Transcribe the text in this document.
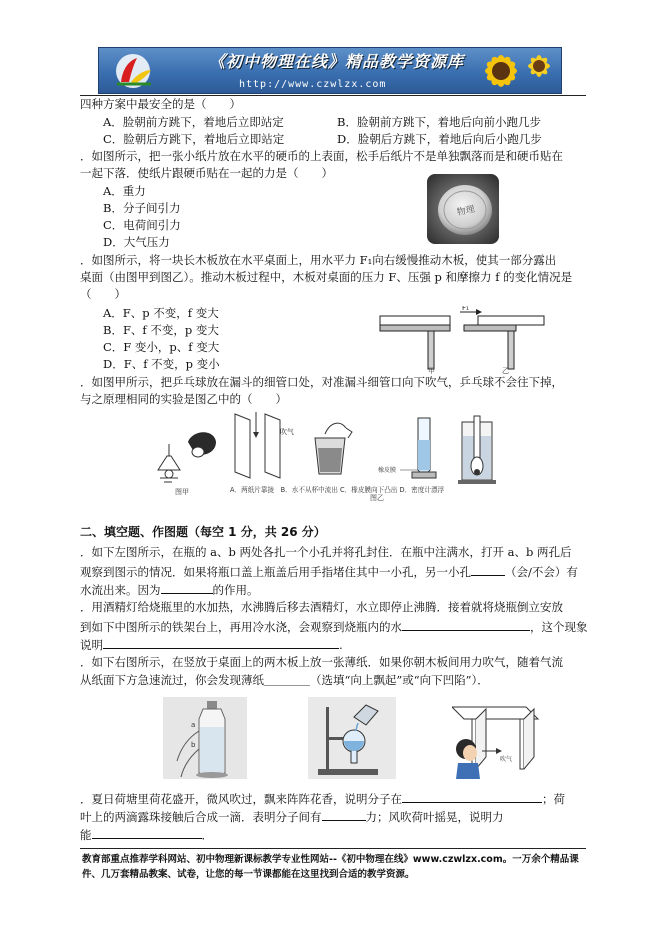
《初中物理在线》精品教学资源库
http://www.czwlzx.com
四种方案中最安全的是（　　）
A．脸朝前方跳下，着地后立即站定	B．脸朝前方跳下，着地后向前小跑几步
C．脸朝后方跳下，着地后立即站定	D．脸朝后方跳下，着地后向后小跑几步
．如图所示，把一张小纸片放在水平的硬币的上表面，松手后纸片不是单独飘落而是和硬币贴在
一起下落．使纸片跟硬币贴在一起的力是（　　）
A．重力
B．分子间引力
C．电荷间引力
D．大气压力
物理
．如图所示，将一块长木板放在水平桌面上，用水平力 F₁向右缓慢推动木板，使其一部分露出
桌面（由图甲到图乙）。推动木板过程中，木板对桌面的压力 F、压强 p 和摩擦力 f 的变化情况是
（　　）
A．F、p 不变，f 变大
B．F、f 不变，p 变大
C．F 变小，p、f 变大
D．F、f 不变，p 变小	甲
F₁
乙
．如图甲所示，把乒乓球放在漏斗的细管口处，对准漏斗细管口向下吹气，乒乓球不会往下掉，
与之原理相同的实验是图乙中的（　　）
图甲
吹气
橡皮膜
A．两纸片靠拢　B．水不从杯中流出 C．橡皮膜向下凸出 D．密度计漂浮
图乙
二、填空题、作图题（每空 1 分，共 26 分）
．如下左图所示，在瓶的 a、b 两处各扎一个小孔并将孔封住．在瓶中注满水，打开 a、b 两孔后
观察到图示的情况．如果将瓶口盖上瓶盖后用手指堵住其中一小孔，另一小孔	（会/不会）有
水流出来。因为	的作用。
．用酒精灯给烧瓶里的水加热，水沸腾后移去酒精灯，水立即停止沸腾．接着就将烧瓶倒立安放
到如下中图所示的铁架台上，再用冷水浇，会观察到烧瓶内的水	，这个现象
说明	.
．如下右图所示，在竖放于桌面上的两木板上放一张薄纸．如果你朝木板间用力吹气，随着气流
从纸面下方急速流过，你会发现薄纸＿＿＿＿（选填“向上飘起”或“向下凹陷”）．
a
b
吹气
．夏日荷塘里荷花盛开，微风吹过，飘来阵阵花香，说明分子在	；荷
叶上的两滴露珠接触后合成一滴．表明分子间有	力；风吹荷叶摇晃，说明力
能	．
教育部重点推荐学科网站、初中物理新课标教学专业性网站--《初中物理在线》www.czwlzx.com。一万余个精品课
件、几万套精品教案、试卷，让您的每一节课都能在这里找到合适的教学资源。
